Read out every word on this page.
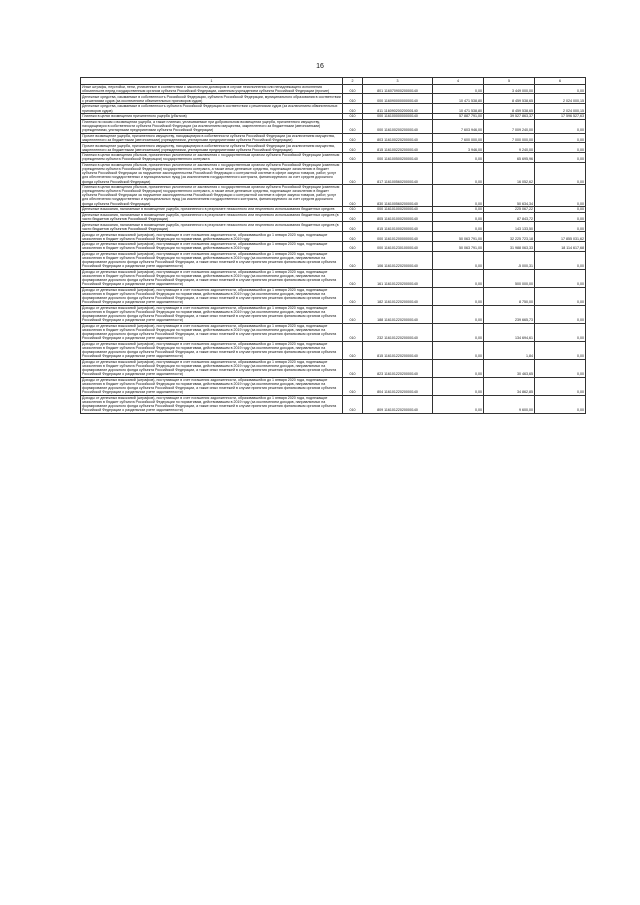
16
1	2	3	4	5	6
Иные штрафы, неустойки, пени, уплаченные в соответствии с законом или договором в случае неисполнения или ненадлежащего исполнения обязательств перед государственным органом субъекта Российской Федерации, казенным учреждением субъекта Российской Федерации (прочие)	010	801 11607090020000140	0,00	3 449 000,00	0,00
Денежные средства, изымаемые в собственность Российской Федерации, субъекта Российской Федерации, муниципального образования в соответствии с решениями судов (за исключением обвинительных приговоров судов)	010	000 11609000000000140	10 471 538,80	8 459 538,65	2 024 000,15
Денежные средства, изымаемые в собственность субъекта Российской Федерации в соответствии с решениями судов (за исключением обвинительных приговоров судов)	010	811 11609020020000140	10 471 538,80	8 459 538,65	2 024 000,15
Платежи в целях возмещения причиненного ущерба (убытков)	010	000 11610000000000140	57 887 791,00	39 527 863,37	17 596 527,63
Платежи по искам о возмещении ущерба, а также платежи, уплачиваемые при добровольном возмещении ущерба, причиненного имуществу, находящемуся в собственности субъекта Российской Федерации (за исключением имущества, закрепленного за бюджетными (автономными) учреждениями, унитарными предприятиями субъекта Российской Федерации)	010	000 11610020020000140	7 603 946,00	7 009 240,00	0,00
Прочее возмещение ущерба, причиненного имуществу, находящемуся в собственности субъекта Российской Федерации (за исключением имущества, закрепленного за бюджетными (автономными) учреждениями, унитарными предприятиями субъекта Российской Федерации)	010	803 11610022020000140	7 600 000,00	7 000 000,00	0,00
Прочее возмещение ущерба, причиненного имуществу, находящемуся в собственности субъекта Российской Федерации (за исключением имущества, закрепленного за бюджетными (автономными) учреждениями, унитарными предприятиями субъекта Российской Федерации)	010	815 11610022020000140	3 946,00	9 240,00	0,00
Платежи в целях возмещения убытков, причиненных уклонением от заключения с государственным органом субъекта Российской Федерации (казенным учреждением субъекта Российской Федерации) государственного контракта	010	000 11610050020000140	0,00	65 695,96	0,00
Платежи в целях возмещения убытков, причиненных уклонением от заключения с государственным органом субъекта Российской Федерации (казенным учреждением субъекта Российской Федерации) государственного контракта, а также иные денежные средства, подлежащие зачислению в бюджет субъекта Российской Федерации за нарушение законодательства Российской Федерации о контрактной системе в сфере закупок товаров, работ, услуг для обеспечения государственных и муниципальных нужд (за исключением государственного контракта, финансируемого за счет средств дорожного фонда субъекта Российской Федерации)	010	817 11610056020000140	0,00	16 052,62	0,00
Платежи в целях возмещения убытков, причиненных уклонением от заключения с государственным органом субъекта Российской Федерации (казенным учреждением субъекта Российской Федерации) государственного контракта, а также иные денежные средства, подлежащие зачислению в бюджет субъекта Российской Федерации за нарушение законодательства Российской Федерации о контрактной системе в сфере закупок товаров, работ, услуг для обеспечения государственных и муниципальных нужд (за исключением государственного контракта, финансируемого за счет средств дорожного фонда субъекта Российской Федерации)	010	830 11610056020000140	0,00	50 634,34	0,00
Денежные взыскания, налагаемые в возмещение ущерба, причиненного в результате незаконного или нецелевого использования бюджетных средств	010	000 11610100020000140	0,00	225 067,22	0,00
Денежные взыскания, налагаемые в возмещение ущерба, причиненного в результате незаконного или нецелевого использования бюджетных средств (в части бюджетов субъектов Российской Федерации)	010	805 11610100020000140	0,00	87 843,72	0,00
Денежные взыскания, налагаемые в возмещение ущерба, причиненного в результате незаконного или нецелевого использования бюджетных средств (в части бюджетов субъектов Российской Федерации)	010	815 11610100020000140	0,00	143 133,50	0,00
Доходы от денежных взысканий (штрафов), поступающие в счет погашения задолженности, образовавшейся до 1 января 2020 года, подлежащие зачислению в бюджет субъекта Российской Федерации по нормативам, действовавшим в 2019 году	010	000 11610120000000140	50 063 791,00	32 225 723,18	17 855 031,62
Доходы от денежных взысканий (штрафов), поступающие в счет погашения задолженности, образовавшейся до 1 января 2020 года, подлежащие зачислению в бюджет субъекта Российской Федерации по нормативам, действовавшим в 2019 году	010	000 11610123010000140	50 063 791,00	31 988 063,33	18 114 617,68
Доходы от денежных взысканий (штрафов), поступающие в счет погашения задолженности, образовавшейся до 1 января 2020 года, подлежащие зачислению в бюджет субъекта Российской Федерации по нормативам, действовавшим в 2019 году (за исключением доходов, направляемых на формирование дорожного фонда субъекта Российской Федерации, а также иных платежей в случае принятия решения финансовым органом субъекта Российской Федерации о раздельном учете задолженности)	010	106 11610122020000140	0,00	-5 000,31	0,00
Доходы от денежных взысканий (штрафов), поступающие в счет погашения задолженности, образовавшейся до 1 января 2020 года, подлежащие зачислению в бюджет субъекта Российской Федерации по нормативам, действовавшим в 2019 году (за исключением доходов, направляемых на формирование дорожного фонда субъекта Российской Федерации, а также иных платежей в случае принятия решения финансовым органом субъекта Российской Федерации о раздельном учете задолженности)	010	161 11610122020000140	0,00	500 000,00	0,00
Доходы от денежных взысканий (штрафов), поступающие в счет погашения задолженности, образовавшейся до 1 января 2020 года, подлежащие зачислению в бюджет субъекта Российской Федерации по нормативам, действовавшим в 2019 году (за исключением доходов, направляемых на формирование дорожного фонда субъекта Российской Федерации, а также иных платежей в случае принятия решения финансовым органом субъекта Российской Федерации о раздельном учете задолженности)	010	182 11610122020000140	0,00	8 750,00	0,00
Доходы от денежных взысканий (штрафов), поступающие в счет погашения задолженности, образовавшейся до 1 января 2020 года, подлежащие зачислению в бюджет субъекта Российской Федерации по нормативам, действовавшим в 2019 году (за исключением доходов, направляемых на формирование дорожного фонда субъекта Российской Федерации, а также иных платежей в случае принятия решения финансовым органом субъекта Российской Федерации о раздельном учете задолженности)	010	188 11610122020000140	0,00	239 665,73	0,00
Доходы от денежных взысканий (штрафов), поступающие в счет погашения задолженности, образовавшейся до 1 января 2020 года, подлежащие зачислению в бюджет субъекта Российской Федерации по нормативам, действовавшим в 2019 году (за исключением доходов, направляемых на формирование дорожного фонда субъекта Российской Федерации, а также иных платежей в случае принятия решения финансовым органом субъекта Российской Федерации о раздельном учете задолженности)	010	232 11610122020000140	0,00	134 694,61	0,00
Доходы от денежных взысканий (штрафов), поступающие в счет погашения задолженности, образовавшейся до 1 января 2020 года, подлежащие зачислению в бюджет субъекта Российской Федерации по нормативам, действовавшим в 2019 году (за исключением доходов, направляемых на формирование дорожного фонда субъекта Российской Федерации, а также иных платежей в случае принятия решения финансовым органом субъекта Российской Федерации о раздельном учете задолженности)	010	815 11610122020000140	0,00	1,84	0,00
Доходы от денежных взысканий (штрафов), поступающие в счет погашения задолженности, образовавшейся до 1 января 2020 года, подлежащие зачислению в бюджет субъекта Российской Федерации по нормативам, действовавшим в 2019 году (за исключением доходов, направляемых на формирование дорожного фонда субъекта Российской Федерации, а также иных платежей в случае принятия решения финансовым органом субъекта Российской Федерации о раздельном учете задолженности)	010	823 11610122020000140	0,00	30 463,65	0,00
Доходы от денежных взысканий (штрафов), поступающие в счет погашения задолженности, образовавшейся до 1 января 2020 года, подлежащие зачислению в бюджет субъекта Российской Федерации по нормативам, действовавшим в 2019 году (за исключением доходов, направляемых на формирование дорожного фонда субъекта Российской Федерации, а также иных платежей в случае принятия решения финансовым органом субъекта Российской Федерации о раздельном учете задолженности)	010	804 11610122020000140	0,00	34 862,85	0,00
Доходы от денежных взысканий (штрафов), поступающие в счет погашения задолженности, образовавшейся до 1 января 2020 года, подлежащие зачислению в бюджет субъекта Российской Федерации по нормативам, действовавшим в 2019 году (за исключением доходов, направляемых на формирование дорожного фонда субъекта Российской Федерации, а также иных платежей в случае принятия решения финансовым органом субъекта Российской Федерации о раздельном учете задолженности)	010	809 11610122020000140	0,00	9 600,00	0,00
